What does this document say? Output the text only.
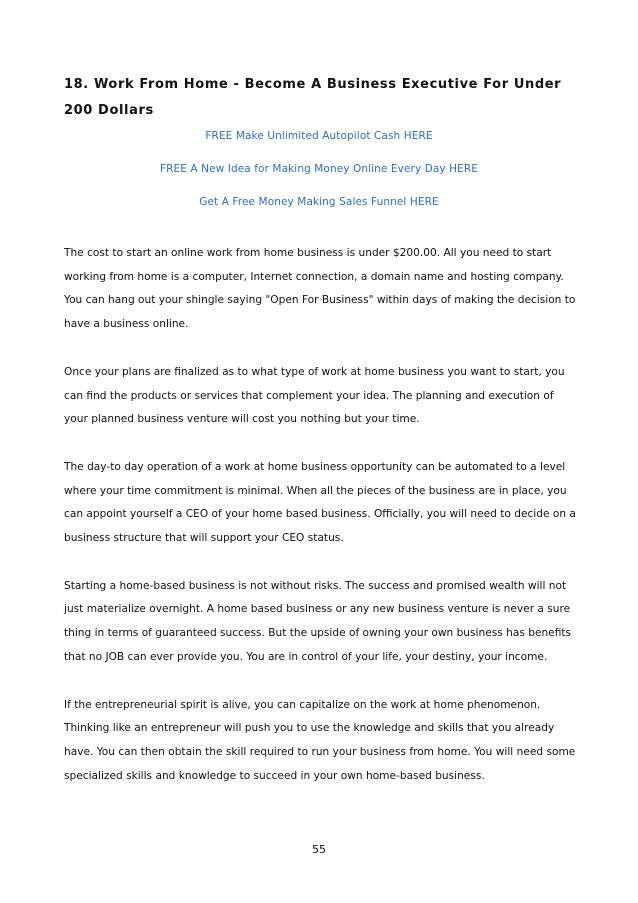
18. Work From Home - Become A Business Executive For Under 200 Dollars
FREE Make Unlimited Autopilot Cash HERE
FREE A New Idea for Making Money Online Every Day HERE
Get A Free Money Making Sales Funnel HERE

The cost to start an online work from home business is under $200.00. All you need to start working from home is a computer, Internet connection, a domain name and hosting company. You can hang out your shingle saying "Open For Business" within days of making the decision to have a business online.

Once your plans are finalized as to what type of work at home business you want to start, you can find the products or services that complement your idea. The planning and execution of your planned business venture will cost you nothing but your time.

The day-to day operation of a work at home business opportunity can be automated to a level where your time commitment is minimal. When all the pieces of the business are in place, you can appoint yourself a CEO of your home based business. Officially, you will need to decide on a business structure that will support your CEO status.

Starting a home-based business is not without risks. The success and promised wealth will not just materialize overnight. A home based business or any new business venture is never a sure thing in terms of guaranteed success. But the upside of owning your own business has benefits that no JOB can ever provide you. You are in control of your life, your destiny, your income.

If the entrepreneurial spirit is alive, you can capitalize on the work at home phenomenon. Thinking like an entrepreneur will push you to use the knowledge and skills that you already have. You can then obtain the skill required to run your business from home. You will need some specialized skills and knowledge to succeed in your own home-based business.

55
